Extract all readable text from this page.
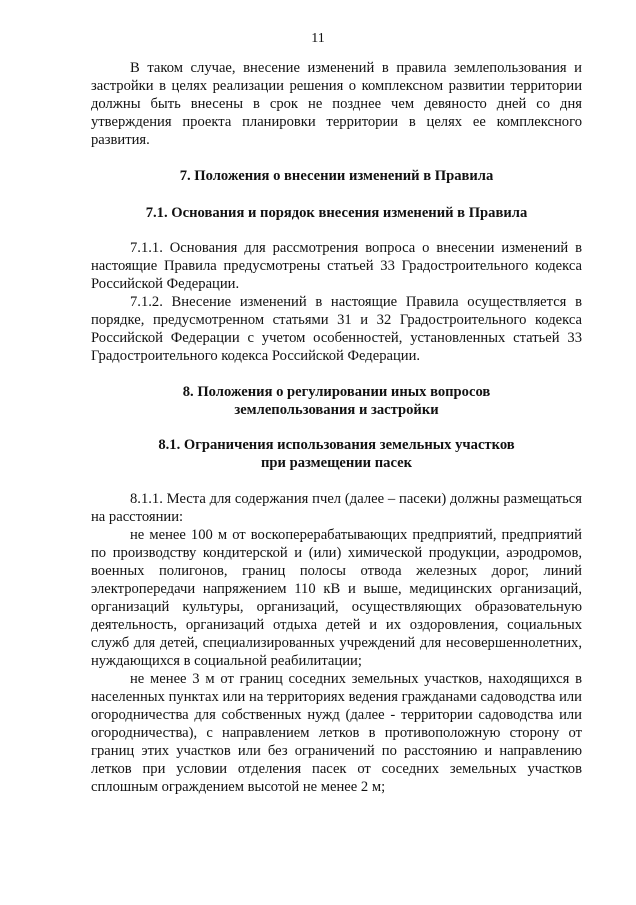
11

В таком случае, внесение изменений в правила землепользования и застройки в целях реализации решения о комплексном развитии территории должны быть внесены в срок не позднее чем девяносто дней со дня утверждения проекта планировки территории в целях ее комплексного развития.

7. Положения о внесении изменений в Правила

7.1. Основания и порядок внесения изменений в Правила

7.1.1. Основания для рассмотрения вопроса о внесении изменений в настоящие Правила предусмотрены статьей 33 Градостроительного кодекса Российской Федерации.

7.1.2. Внесение изменений в настоящие Правила осуществляется в порядке, предусмотренном статьями 31 и 32 Градостроительного кодекса Российской Федерации с учетом особенностей, установленных статьей 33 Градостроительного кодекса Российской Федерации.

8. Положения о регулировании иных вопросов
землепользования и застройки

8.1. Ограничения использования земельных участков
при размещении пасек

8.1.1. Места для содержания пчел (далее – пасеки) должны размещаться на расстоянии:

не менее 100 м от воскоперерабатывающих предприятий, предприятий по производству кондитерской и (или) химической продукции, аэродромов, военных полигонов, границ полосы отвода железных дорог, линий электропередачи напряжением 110 кВ и выше, медицинских организаций, организаций культуры, организаций, осуществляющих образовательную деятельность, организаций отдыха детей и их оздоровления, социальных служб для детей, специализированных учреждений для несовершеннолетних, нуждающихся в социальной реабилитации;

не менее 3 м от границ соседних земельных участков, находящихся в населенных пунктах или на территориях ведения гражданами садоводства или огородничества для собственных нужд (далее - территории садоводства или огородничества), с направлением летков в противоположную сторону от границ этих участков или без ограничений по расстоянию и направлению летков при условии отделения пасек от соседних земельных участков сплошным ограждением высотой не менее 2 м;
